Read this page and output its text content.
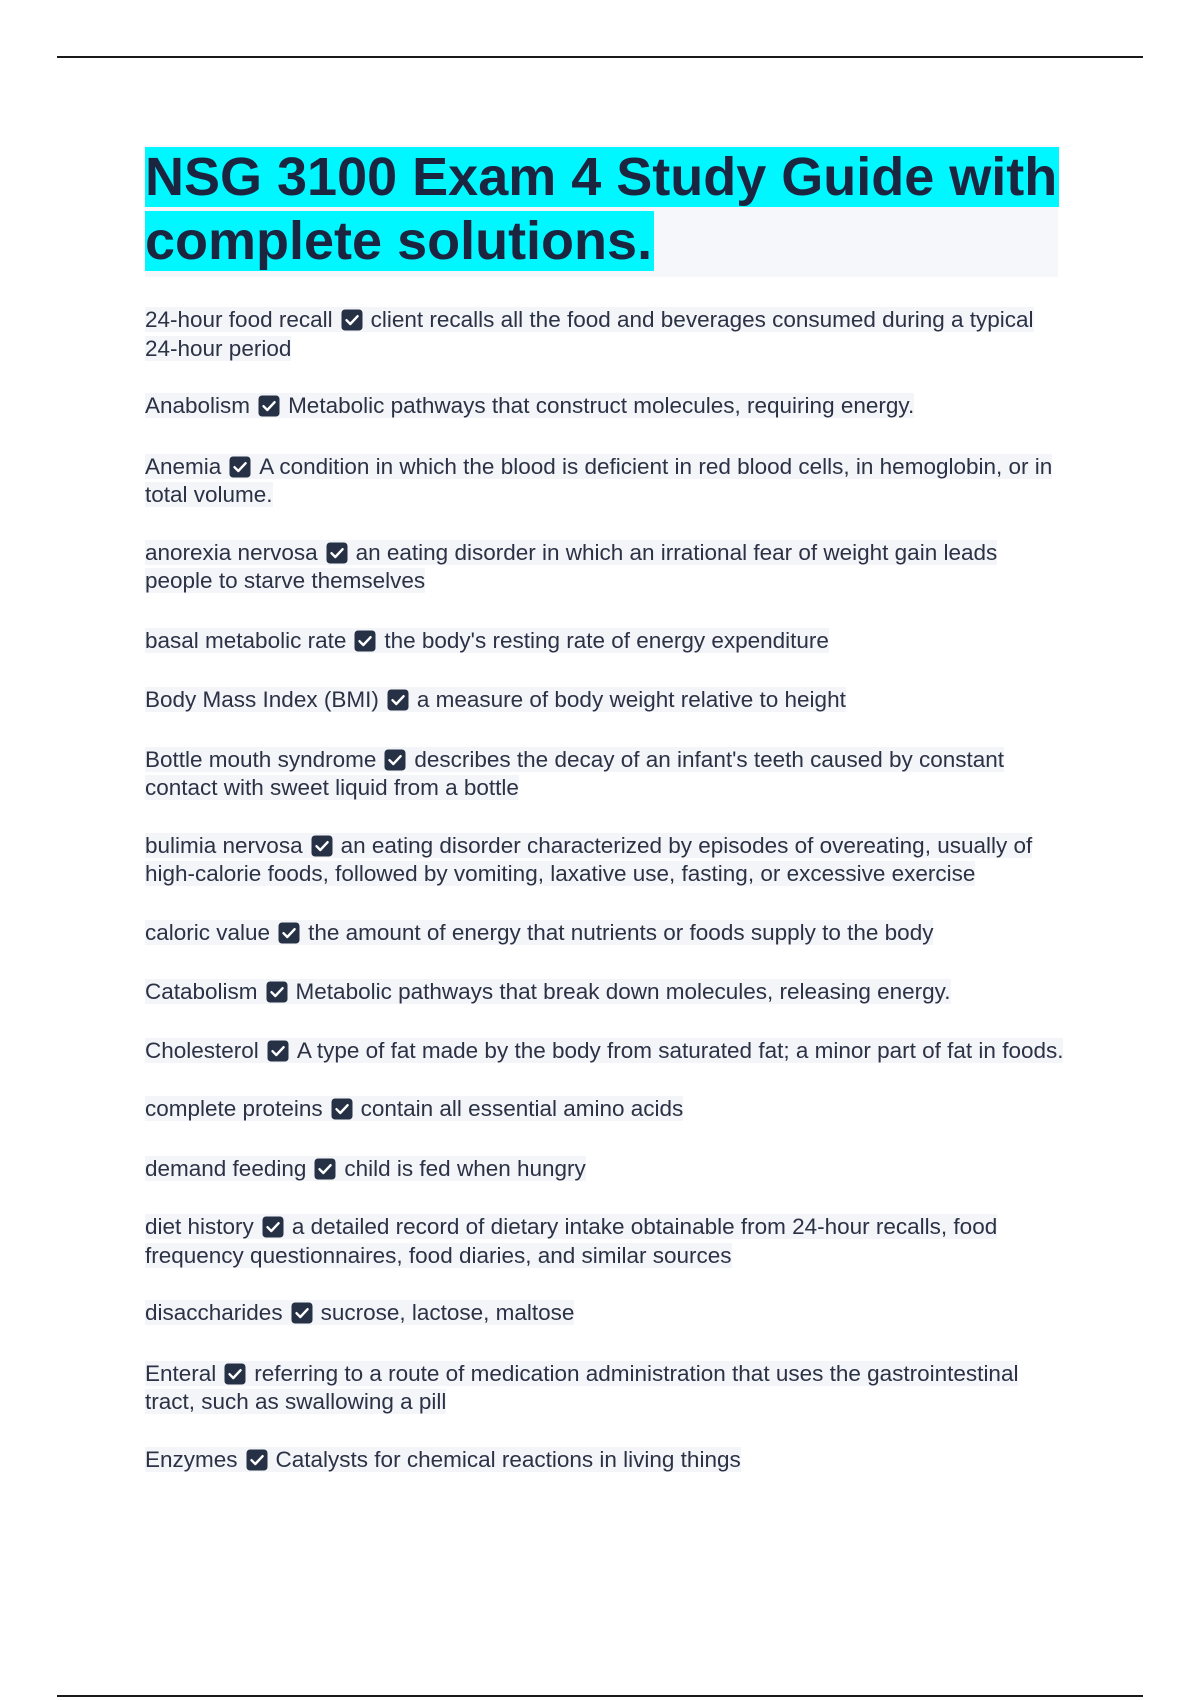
NSG 3100 Exam 4 Study Guide with complete solutions.

24-hour food recall client recalls all the food and beverages consumed during a typical 24-hour period

Anabolism Metabolic pathways that construct molecules, requiring energy.

Anemia A condition in which the blood is deficient in red blood cells, in hemoglobin, or in total volume.

anorexia nervosa an eating disorder in which an irrational fear of weight gain leads people to starve themselves

basal metabolic rate the body's resting rate of energy expenditure

Body Mass Index (BMI) a measure of body weight relative to height

Bottle mouth syndrome describes the decay of an infant's teeth caused by constant contact with sweet liquid from a bottle

bulimia nervosa an eating disorder characterized by episodes of overeating, usually of high-calorie foods, followed by vomiting, laxative use, fasting, or excessive exercise

caloric value the amount of energy that nutrients or foods supply to the body

Catabolism Metabolic pathways that break down molecules, releasing energy.

Cholesterol A type of fat made by the body from saturated fat; a minor part of fat in foods.

complete proteins contain all essential amino acids

demand feeding child is fed when hungry

diet history a detailed record of dietary intake obtainable from 24-hour recalls, food frequency questionnaires, food diaries, and similar sources

disaccharides sucrose, lactose, maltose

Enteral referring to a route of medication administration that uses the gastrointestinal tract, such as swallowing a pill

Enzymes Catalysts for chemical reactions in living things
